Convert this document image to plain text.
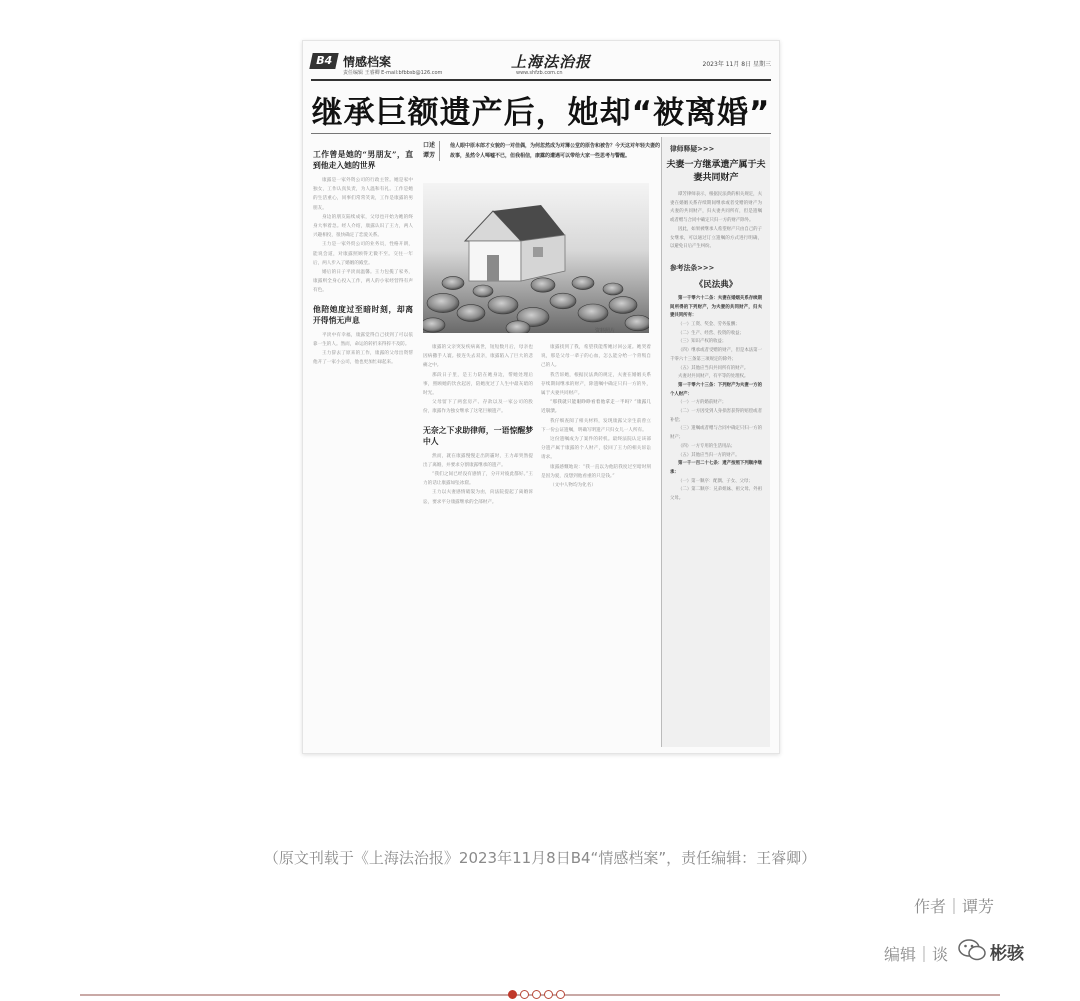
B4 情感档案
责任编辑 王睿卿 E-mail:bfbbsb@126.com
上海法治报
www.shfzb.com.cn
2023年 11月 8日 星期三
继承巨额遗产后，她却“被离婚”
工作曾是她的“男朋友”，直到他走入她的世界

康露是一家外资公司的行政主管。她是家中独女，工作认真负责，为人温和有礼。工作是她的生活重心，同事们常常笑说，工作是康露的男朋友。

身边的朋友陆续成家，父母也开始为她的终身大事着急。经人介绍，康露认识了王力，两人兴趣相投，很快确定了恋爱关系。

王力是一家外贸公司的业务员，性格开朗，能说会道，对康露照顾得无微不至。交往一年后，两人步入了婚姻的殿堂。

婚后的日子平淡而温馨。王力包揽了家务，康露则全身心投入工作，两人的小家经营得有声有色。

他陪她度过至暗时刻，却离开得悄无声息

平淡中有幸福，康露觉得自己找到了可以依靠一生的人。然而，命运的转折来得猝不及防。

王力辞去了原来的工作，康露的父母出资帮他开了一家小公司，他也更加忙碌起来。

口述 谭芳
他人眼中原本郎才女貌的一对佳偶，为何忽然成为对簿公堂的原告和被告？今天这对年轻夫妻的故事，虽然令人唏嘘不已，但我相信，康露的遭遇可以带给大家一些思考与警醒。
资料照片

康露的父亲突发疾病离世，短短数月后，母亲也因病撒手人寰。接连失去双亲，康露陷入了巨大的悲痛之中。

那段日子里，是王力陪在她身边，帮她处理后事，照顾她的饮食起居，陪她度过了人生中最灰暗的时光。

父母留下了两套房产、存款以及一家公司的股份，康露作为独女继承了这笔巨额遗产。

无奈之下求助律师，一语惊醒梦中人

然而，就在康露慢慢走出阴霾时，王力却突然提出了离婚，并要求分割康露继承的遗产。

“我们之间已经没有感情了，分开对彼此都好。”王力的话让康露如坠冰窟。

王力以夫妻感情破裂为由，向法院提起了离婚诉讼，要求平分康露继承的全部财产。

康露找到了我，希望我能帮她讨回公道。她哭着说，那是父母一辈子的心血，怎么能分给一个背叛自己的人。

我告诉她，根据民法典的规定，夫妻在婚姻关系存续期间继承的财产，除遗嘱中确定只归一方的外，属于夫妻共同财产。

“那我就只能眼睁睁看着他拿走一半吗？”康露几近崩溃。

我仔细查阅了相关材料，发现康露父亲生前曾立下一份公证遗嘱，明确写明遗产只归女儿一人所有。

这份遗嘱成为了案件的转机。最终法院认定该部分遗产属于康露的个人财产，驳回了王力的相关诉讼请求。

康露感慨地说：“我一直以为他陪我度过至暗时刻是因为爱，没想到他看重的只是钱。”

（文中人物均为化名）

律师释疑>>>
夫妻一方继承遗产属于夫妻共同财产

谭芳律师表示，根据民法典的相关规定，夫妻在婚姻关系存续期间继承或者受赠的财产为夫妻的共同财产，归夫妻共同所有，但是遗嘱或者赠与合同中确定只归一方的财产除外。

因此，如果被继承人希望财产只由自己的子女继承，可以通过订立遗嘱的方式进行明确，以避免日后产生纠纷。

参考法条>>>
《民法典》

第一千零六十二条：夫妻在婚姻关系存续期间所得的下列财产，为夫妻的共同财产，归夫妻共同所有：

（一）工资、奖金、劳务报酬；

（二）生产、经营、投资的收益；

（三）知识产权的收益；

（四）继承或者受赠的财产，但是本法第一千零六十三条第三项规定的除外；

（五）其他应当归共同所有的财产。

夫妻对共同财产，有平等的处理权。

第一千零六十三条：下列财产为夫妻一方的个人财产：

（一）一方的婚前财产；

（二）一方因受到人身损害获得的赔偿或者补偿；

（三）遗嘱或者赠与合同中确定只归一方的财产；

（四）一方专用的生活用品；

（五）其他应当归一方的财产。

第一千一百二十七条：遗产按照下列顺序继承：

（一）第一顺序：配偶、子女、父母；

（二）第二顺序：兄弟姐妹、祖父母、外祖父母。

（原文刊载于《上海法治报》2023年11月8日B4“情感档案”，责任编辑：王睿卿）
作者｜谭芳
编辑｜谈 彬骇
